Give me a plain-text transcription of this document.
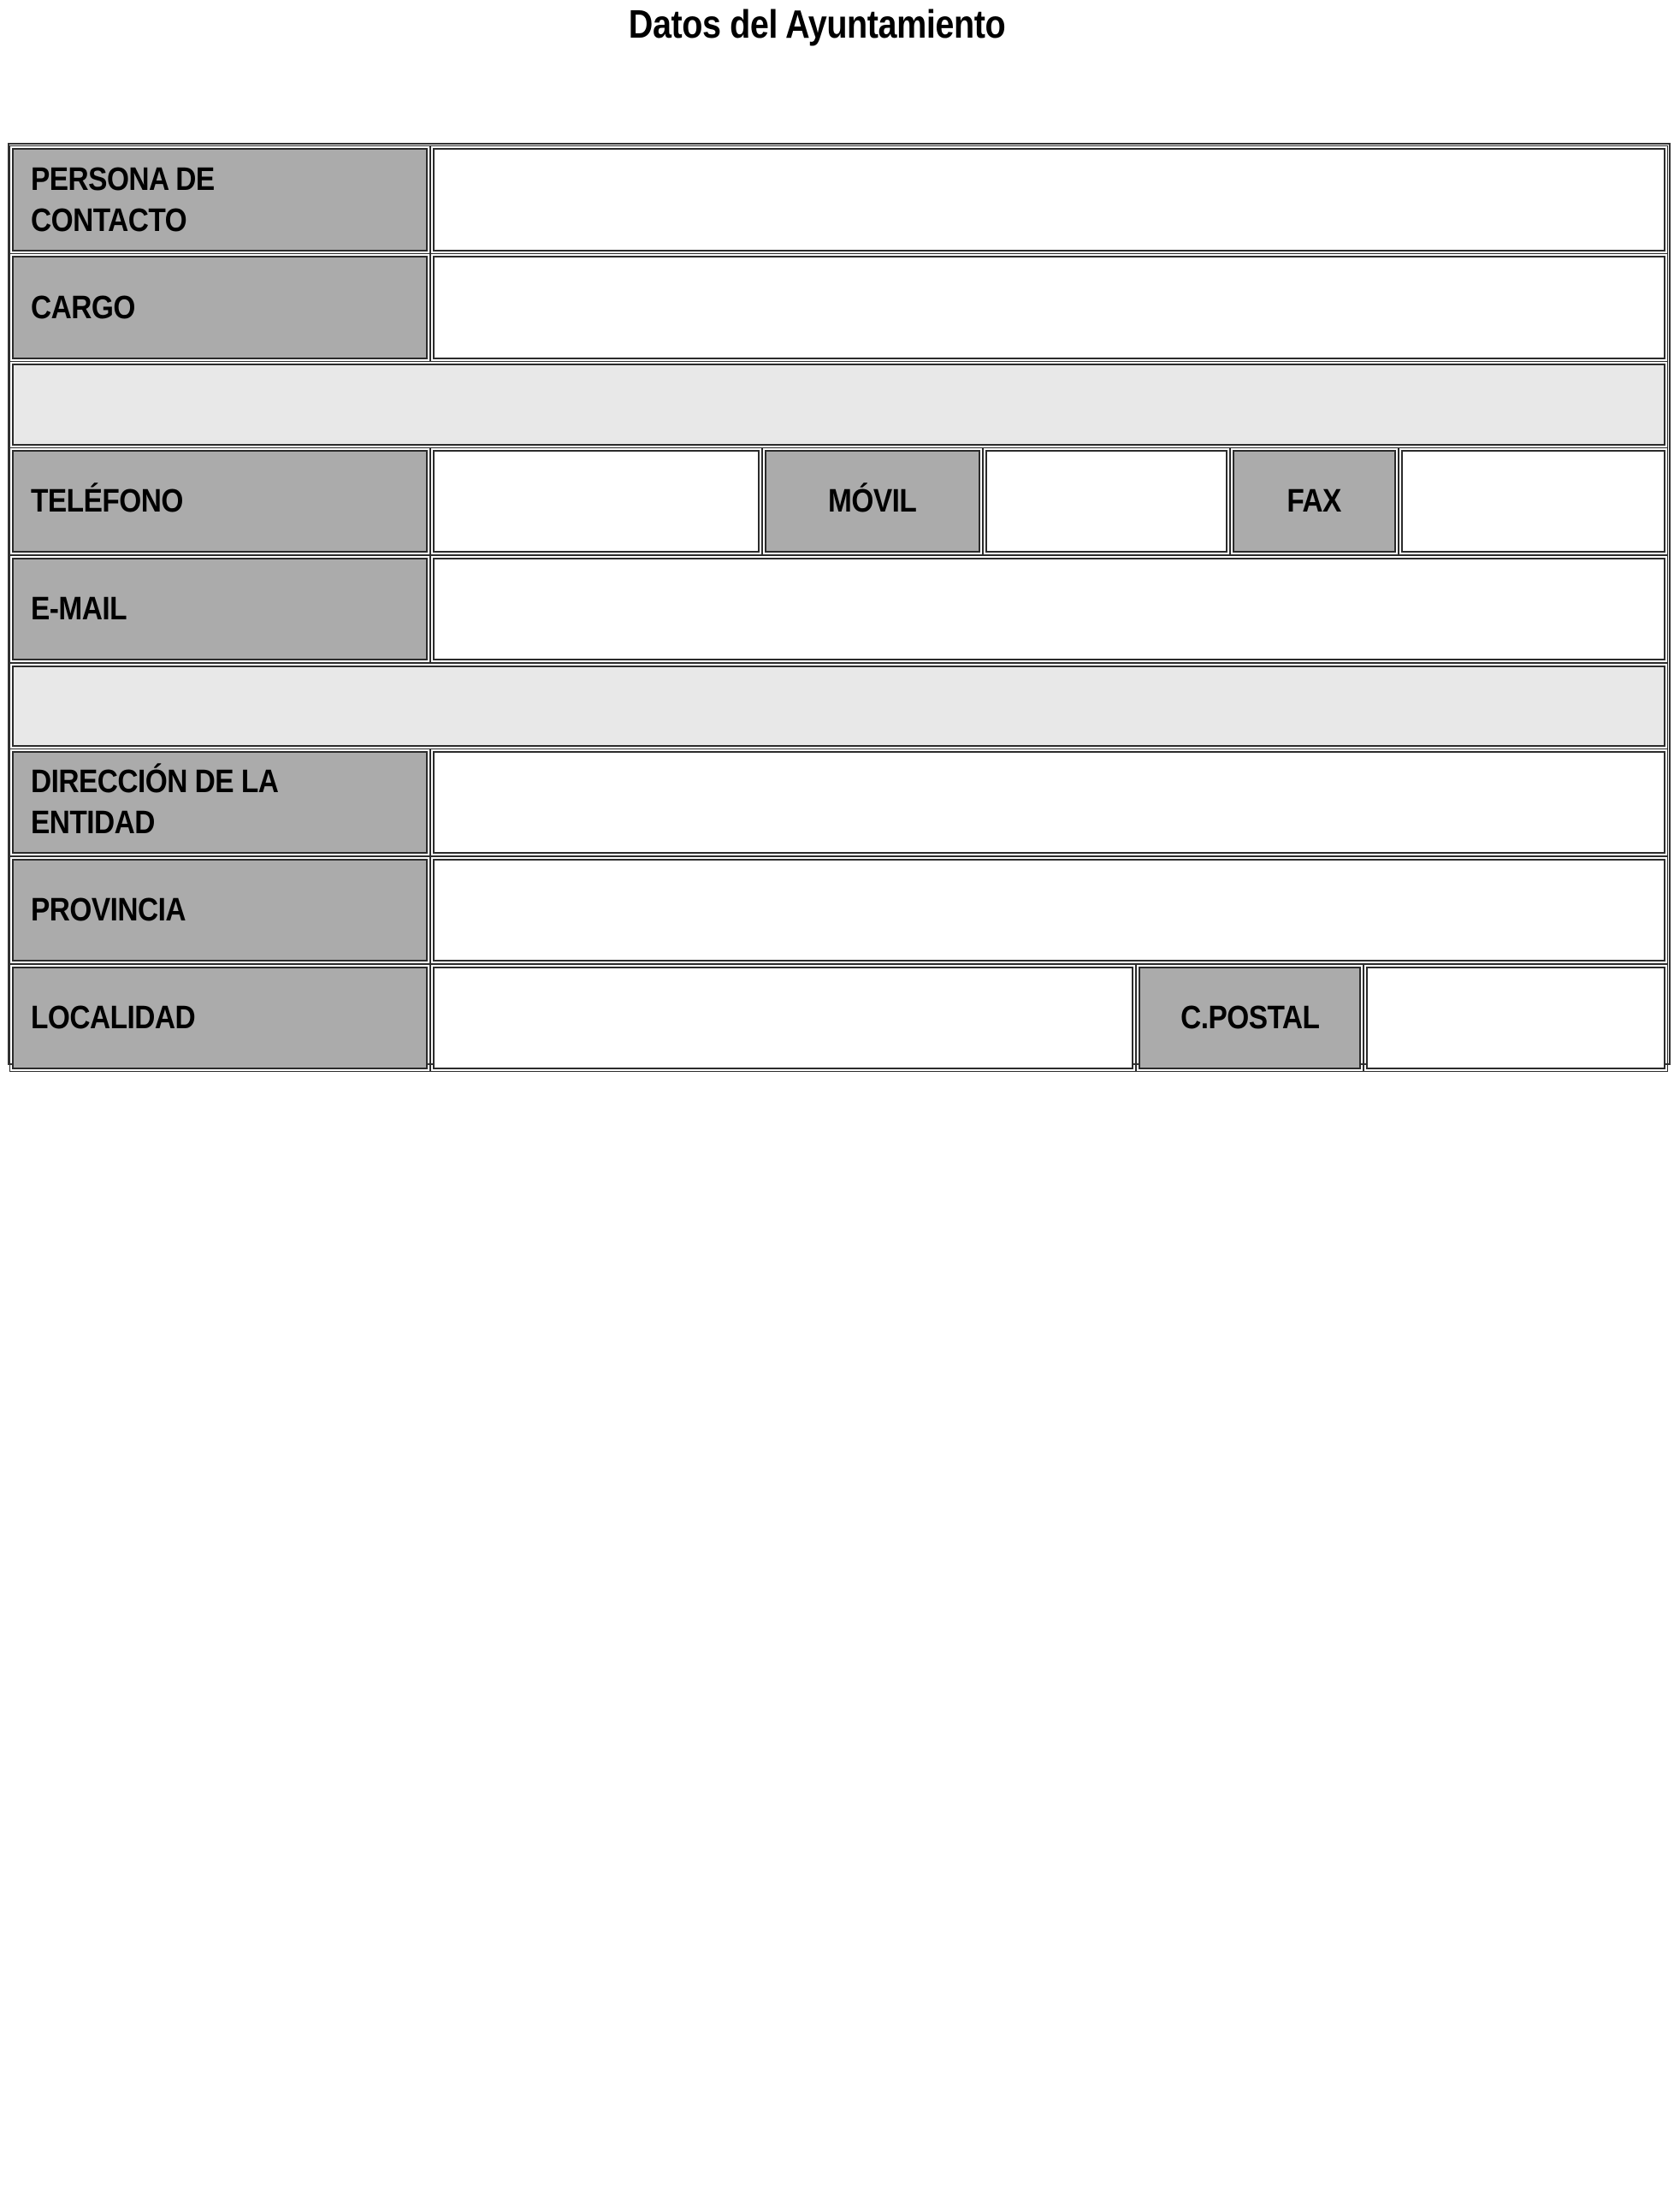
Datos del Ayuntamiento
PERSONA DE CONTACTO
CARGO
TELÉFONO	MÓVIL	FAX
E-MAIL
DIRECCIÓN DE LA
ENTIDAD
PROVINCIA
LOCALIDAD	C.POSTAL
